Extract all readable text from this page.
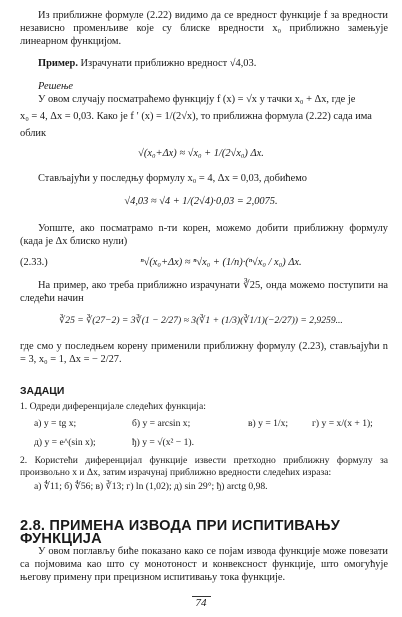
Из приближне формуле (2.22) видимо да се вредност функције f за вредности независно променљиве које су блиске вредности x₀ приближно замењује линеарном функцијом.
Пример. Израчунати приближно вредност √4,03.
Решење
У овом случају посматраћемо функцију f (x) = √x у тачки x₀ + Δx, где је
x₀ = 4, Δx = 0,03. Како је f ′ (x) = 1/(2√x), то приближна формула (2.22) сада има
облик
√(x₀+Δx) ≈ √x₀ + 1/(2√x₀) Δx.
Стављајући у последњу формулу x₀ = 4, Δx = 0,03, добићемо
√4,03 ≈ √4 + 1/(2√4)·0,03 = 2,0075.
Уопште, ако посматрамо n-ти корен, можемо добити приближну формулу (када је Δx блиско нули)
(2.33.)	ⁿ√(x₀+Δx) ≈ ⁿ√x₀ + (1/n)·(ⁿ√x₀ / x₀) Δx.
На пример, ако треба приближно израчунати ∛25, онда можемо поступити на следећи начин
∛25 = ∛(27−2) = 3∛(1 − 2/27) ≈ 3(∛1 + (1/3)(∛1/1)(−2/27)) = 2,9259...
где смо у последњем корену применили приближну формулу (2.23), стављајући n = 3, x₀ = 1, Δx = − 2/27.
ЗАДАЦИ
1. Одреди диференцијале следећих функција:
a) y = tg x;	б) y = arcsin x;	в) y = 1/x; г) y = x/(x + 1);
д) y = e^(sin x);	ђ) y = √(x² − 1).
2. Користећи диференцијал функције извести претходно приближну формулу за произвољно x и Δx, затим израчунај приближно вредности следећих израза:
a) ∜11; б) ∜56; в) ∛13; г) ln (1,02); д) sin 29°; ђ) arctg 0,98.
2.8. ПРИМЕНА ИЗВОДА ПРИ ИСПИТИВАЊУ ФУНКЦИЈА
У овом поглављу биће показано како се појам извода функције може повезати са појмовима као што су монотоност и конвексност функције, што омогућује његову примену при прецизном испитивању тока функције.
74
